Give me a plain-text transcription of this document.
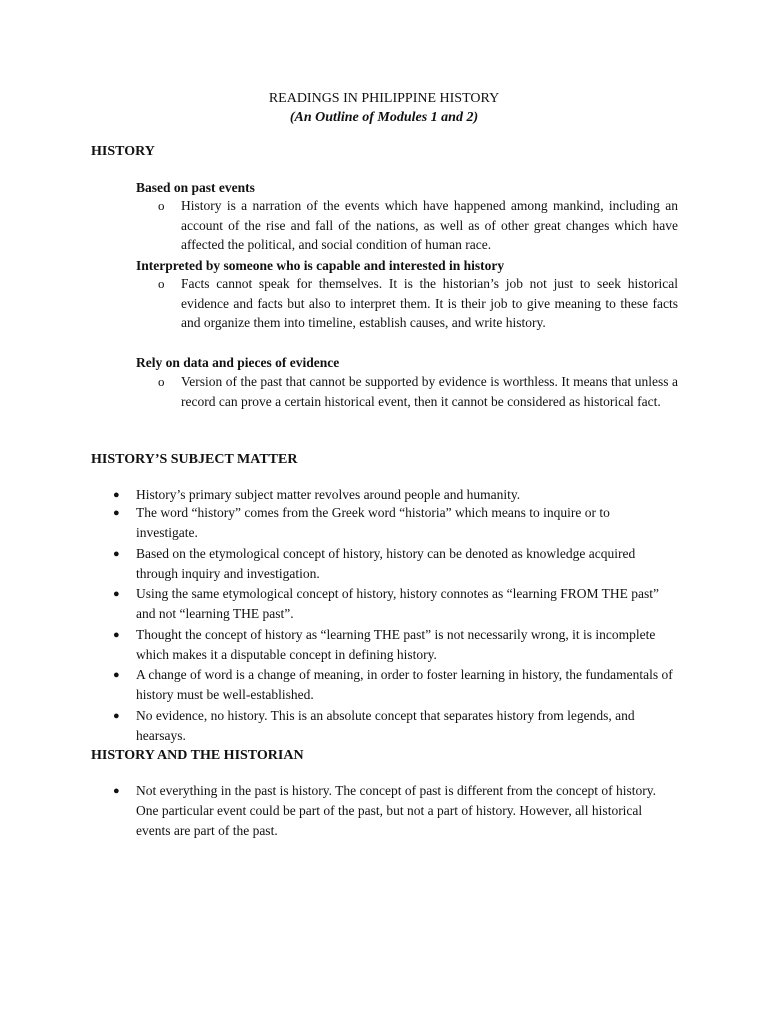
READINGS IN PHILIPPINE HISTORY
(An Outline of Modules 1 and 2)
HISTORY
Based on past events
o History is a narration of the events which have happened among mankind, including an account of the rise and fall of the nations, as well as of other great changes which have affected the political, and social condition of human race.
Interpreted by someone who is capable and interested in history
o Facts cannot speak for themselves. It is the historian’s job not just to seek historical evidence and facts but also to interpret them. It is their job to give meaning to these facts and organize them into timeline, establish causes, and write history.
Rely on data and pieces of evidence
o Version of the past that cannot be supported by evidence is worthless. It means that unless a record can prove a certain historical event, then it cannot be considered as historical fact.
HISTORY’S SUBJECT MATTER
● History’s primary subject matter revolves around people and humanity.
● The word “history” comes from the Greek word “historia” which means to inquire or to investigate.
● Based on the etymological concept of history, history can be denoted as knowledge acquired through inquiry and investigation.
● Using the same etymological concept of history, history connotes as “learning FROM THE past” and not “learning THE past”.
● Thought the concept of history as “learning THE past” is not necessarily wrong, it is incomplete which makes it a disputable concept in defining history.
● A change of word is a change of meaning, in order to foster learning in history, the fundamentals of history must be well-established.
● No evidence, no history. This is an absolute concept that separates history from legends, and hearsays.
HISTORY AND THE HISTORIAN
● Not everything in the past is history. The concept of past is different from the concept of history. One particular event could be part of the past, but not a part of history. However, all historical events are part of the past.
